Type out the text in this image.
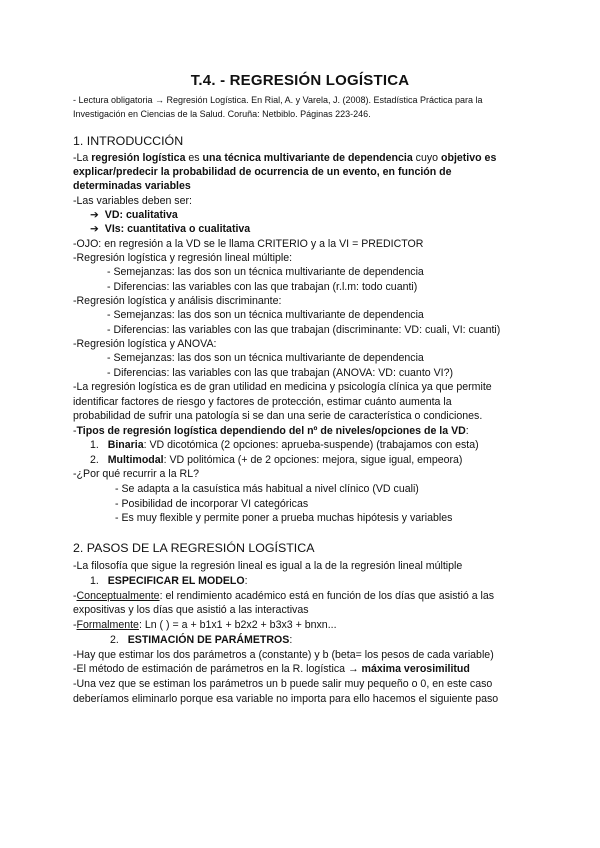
T.4. - REGRESIÓN LOGÍSTICA
- Lectura obligatoria → Regresión Logística. En Rial, A. y Varela, J. (2008). Estadística Práctica para la Investigación en Ciencias de la Salud. Coruña: Netbiblo. Páginas 223-246.
1. INTRODUCCIÓN
-La regresión logística es una técnica multivariante de dependencia cuyo objetivo es
explicar/predecir la probabilidad de ocurrencia de un evento, en función de
determinadas variables
-Las variables deben ser:
➔ VD: cualitativa
➔ VIs: cuantitativa o cualitativa
-OJO: en regresión a la VD se le llama CRITERIO y a la VI = PREDICTOR
-Regresión logística y regresión lineal múltiple:
- Semejanzas: las dos son un técnica multivariante de dependencia
- Diferencias: las variables con las que trabajan (r.l.m: todo cuanti)
-Regresión logística y análisis discriminante:
- Semejanzas: las dos son un técnica multivariante de dependencia
- Diferencias: las variables con las que trabajan (discriminante: VD: cuali, VI: cuanti)
-Regresión logística y ANOVA:
- Semejanzas: las dos son un técnica multivariante de dependencia
- Diferencias: las variables con las que trabajan (ANOVA: VD: cuanto VI?)
-La regresión logística es de gran utilidad en medicina y psicología clínica ya que permite
identificar factores de riesgo y factores de protección, estimar cuánto aumenta la
probabilidad de sufrir una patología si se dan una serie de característica o condiciones.
-Tipos de regresión logística dependiendo del nº de niveles/opciones de la VD:
1. Binaria: VD dicotómica (2 opciones: aprueba-suspende) (trabajamos con esta)
2. Multimodal: VD politómica (+ de 2 opciones: mejora, sigue igual, empeora)
-¿Por qué recurrir a la RL?
- Se adapta a la casuística más habitual a nivel clínico (VD cuali)
- Posibilidad de incorporar VI categóricas
- Es muy flexible y permite poner a prueba muchas hipótesis y variables
2. PASOS DE LA REGRESIÓN LOGÍSTICA
-La filosofía que sigue la regresión lineal es igual a la de la regresión lineal múltiple
1. ESPECIFICAR EL MODELO:
-Conceptualmente: el rendimiento académico está en función de los días que asistió a las
expositivas y los días que asistió a las interactivas
-Formalmente: Ln ( ) = a + b1x1 + b2x2 + b3x3 + bnxn...
2. ESTIMACIÓN DE PARÁMETROS:
-Hay que estimar los dos parámetros a (constante) y b (beta= los pesos de cada variable)
-El método de estimación de parámetros en la R. logística → máxima verosimilitud
-Una vez que se estiman los parámetros un b puede salir muy pequeño o 0, en este caso
deberíamos eliminarlo porque esa variable no importa para ello hacemos el siguiente paso
